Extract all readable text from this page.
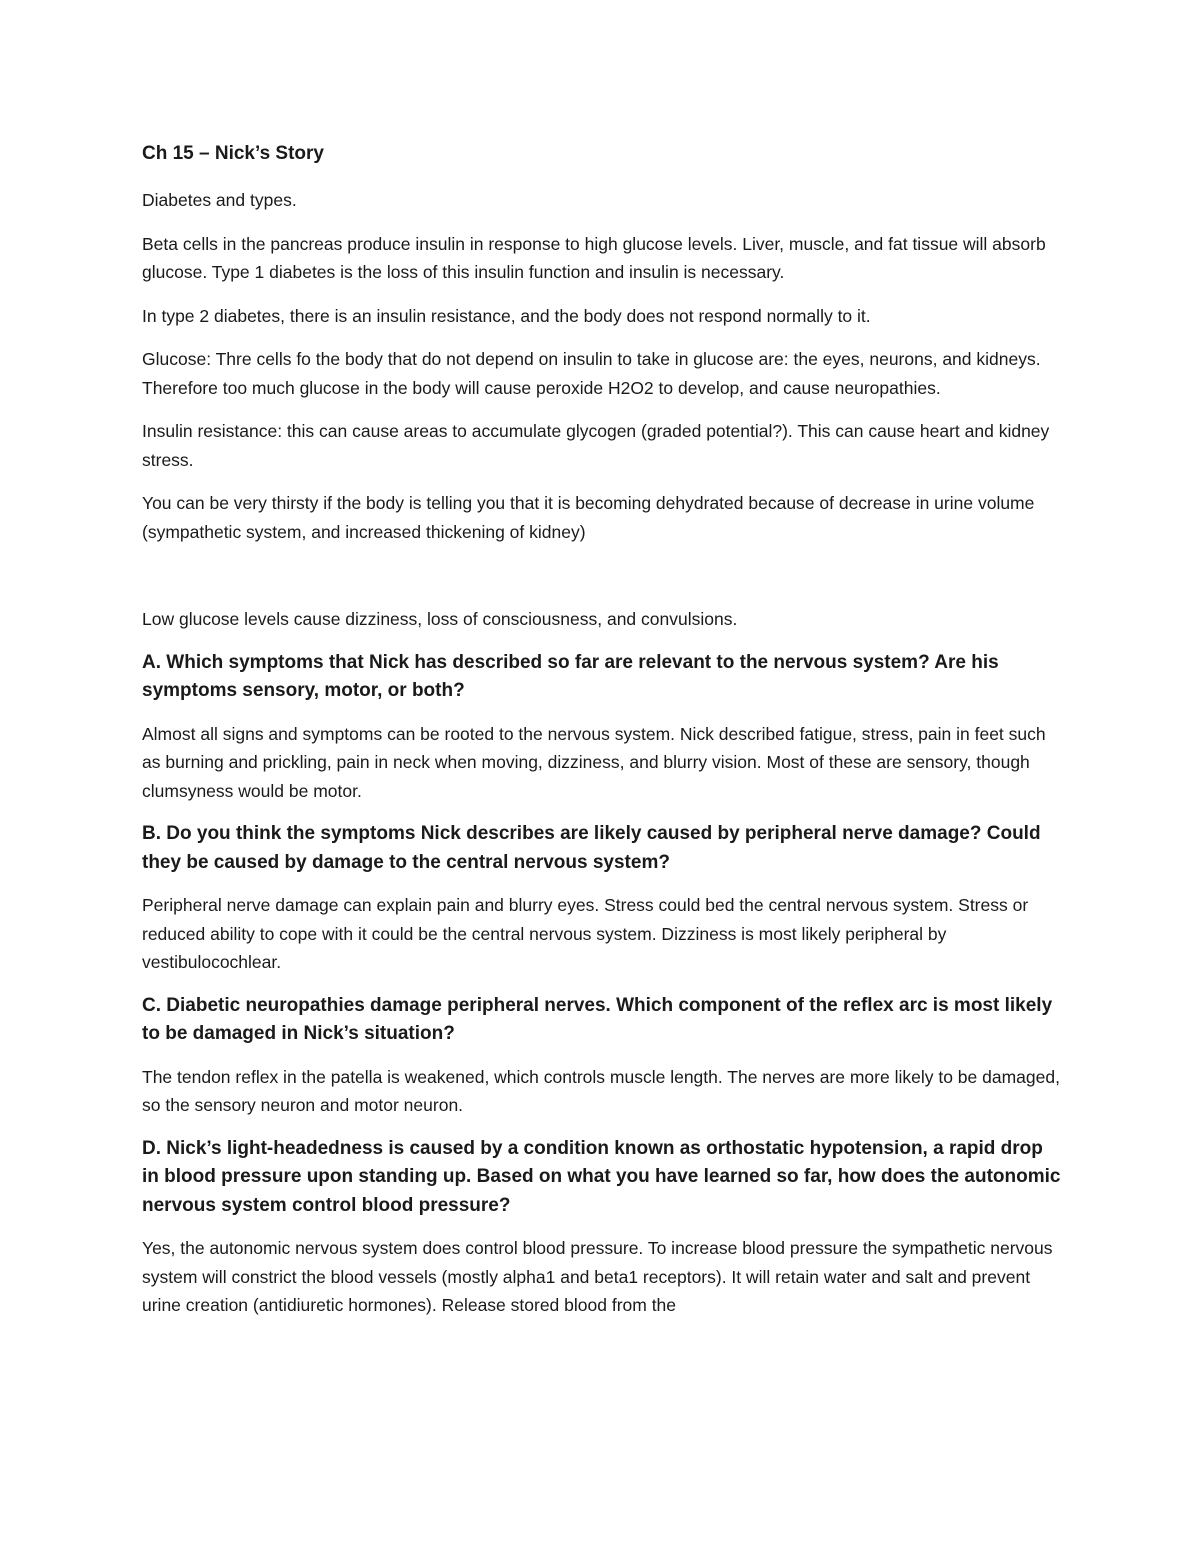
Ch 15 – Nick’s Story

Diabetes and types.

Beta cells in the pancreas produce insulin in response to high glucose levels. Liver, muscle, and fat tissue will absorb glucose. Type 1 diabetes is the loss of this insulin function and insulin is necessary.

In type 2 diabetes, there is an insulin resistance, and the body does not respond normally to it.

Glucose: Thre cells fo the body that do not depend on insulin to take in glucose are: the eyes, neurons, and kidneys. Therefore too much glucose in the body will cause peroxide H2O2 to develop, and cause neuropathies.

Insulin resistance: this can cause areas to accumulate glycogen (graded potential?). This can cause heart and kidney stress.

You can be very thirsty if the body is telling you that it is becoming dehydrated because of decrease in urine volume (sympathetic system, and increased thickening of kidney)

Low glucose levels cause dizziness, loss of consciousness, and convulsions.

A. Which symptoms that Nick has described so far are relevant to the nervous system? Are his symptoms sensory, motor, or both?

Almost all signs and symptoms can be rooted to the nervous system. Nick described fatigue, stress, pain in feet such as burning and prickling, pain in neck when moving, dizziness, and blurry vision. Most of these are sensory, though clumsyness would be motor.

B. Do you think the symptoms Nick describes are likely caused by peripheral nerve damage? Could they be caused by damage to the central nervous system?

Peripheral nerve damage can explain pain and blurry eyes. Stress could bed the central nervous system. Stress or reduced ability to cope with it could be the central nervous system. Dizziness is most likely peripheral by vestibulocochlear.

C. Diabetic neuropathies damage peripheral nerves. Which component of the reflex arc is most likely to be damaged in Nick’s situation?

The tendon reflex in the patella is weakened, which controls muscle length. The nerves are more likely to be damaged, so the sensory neuron and motor neuron.

D. Nick’s light-headedness is caused by a condition known as orthostatic hypotension, a rapid drop in blood pressure upon standing up. Based on what you have learned so far, how does the autonomic nervous system control blood pressure?

Yes, the autonomic nervous system does control blood pressure. To increase blood pressure the sympathetic nervous system will constrict the blood vessels (mostly alpha1 and beta1 receptors). It will retain water and salt and prevent urine creation (antidiuretic hormones). Release stored blood from the
